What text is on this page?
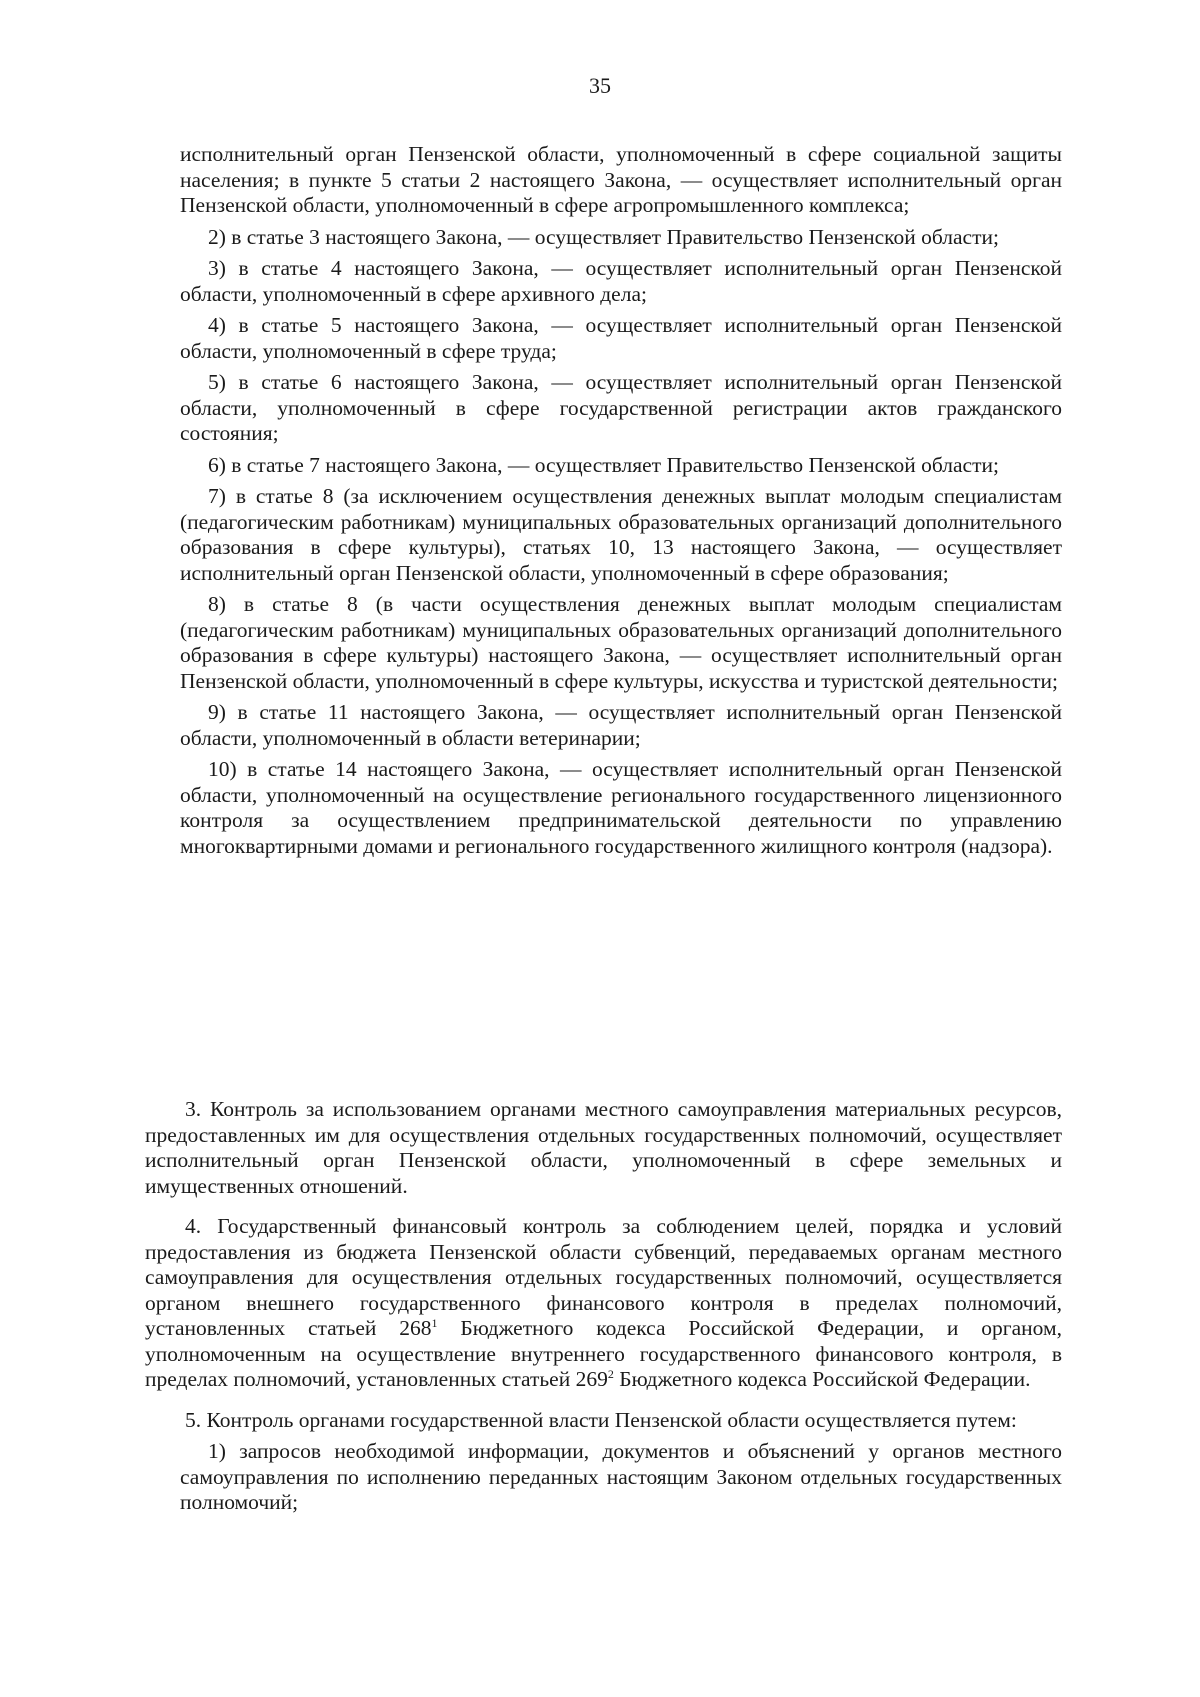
35

исполнительный орган Пензенской области, уполномоченный в сфере социальной защиты населения; в пункте 5 статьи 2 настоящего Закона, — осуществляет исполнительный орган Пензенской области, уполномоченный в сфере агропромышленного комплекса;

2) в статье 3 настоящего Закона, — осуществляет Правительство Пензенской области;

3) в статье 4 настоящего Закона, — осуществляет исполнительный орган Пензенской области, уполномоченный в сфере архивного дела;

4) в статье 5 настоящего Закона, — осуществляет исполнительный орган Пензенской области, уполномоченный в сфере труда;

5) в статье 6 настоящего Закона, — осуществляет исполнительный орган Пензенской области, уполномоченный в сфере государственной регистрации актов гражданского состояния;

6) в статье 7 настоящего Закона, — осуществляет Правительство Пензенской области;

7) в статье 8 (за исключением осуществления денежных выплат молодым специалистам (педагогическим работникам) муниципальных образовательных организаций дополнительного образования в сфере культуры), статьях 10, 13 настоящего Закона, — осуществляет исполнительный орган Пензенской области, уполномоченный в сфере образования;

8) в статье 8 (в части осуществления денежных выплат молодым специалистам (педагогическим работникам) муниципальных образовательных организаций дополнительного образования в сфере культуры) настоящего Закона, — осуществляет исполнительный орган Пензенской области, уполномоченный в сфере культуры, искусства и туристской деятельности;

9) в статье 11 настоящего Закона, — осуществляет исполнительный орган Пензенской области, уполномоченный в области ветеринарии;

10) в статье 14 настоящего Закона, — осуществляет исполнительный орган Пензенской области, уполномоченный на осуществление регионального государственного лицензионного контроля за осуществлением предпринимательской деятельности по управлению многоквартирными домами и регионального государственного жилищного контроля (надзора).

3. Контроль за использованием органами местного самоуправления материальных ресурсов, предоставленных им для осуществления отдельных государственных полномочий, осуществляет исполнительный орган Пензенской области, уполномоченный в сфере земельных и имущественных отношений.

4. Государственный финансовый контроль за соблюдением целей, порядка и условий предоставления из бюджета Пензенской области субвенций, передаваемых органам местного самоуправления для осуществления отдельных государственных полномочий, осуществляется органом внешнего государственного финансового контроля в пределах полномочий, установленных статьей $268^1$ Бюджетного кодекса Российской Федерации, и органом, уполномоченным на осуществление внутреннего государственного финансового контроля, в пределах полномочий, установленных статьей $269^2$ Бюджетного кодекса Российской Федерации.

5. Контроль органами государственной власти Пензенской области осуществляется путем:

1) запросов необходимой информации, документов и объяснений у органов местного самоуправления по исполнению переданных настоящим Законом отдельных государственных полномочий;
